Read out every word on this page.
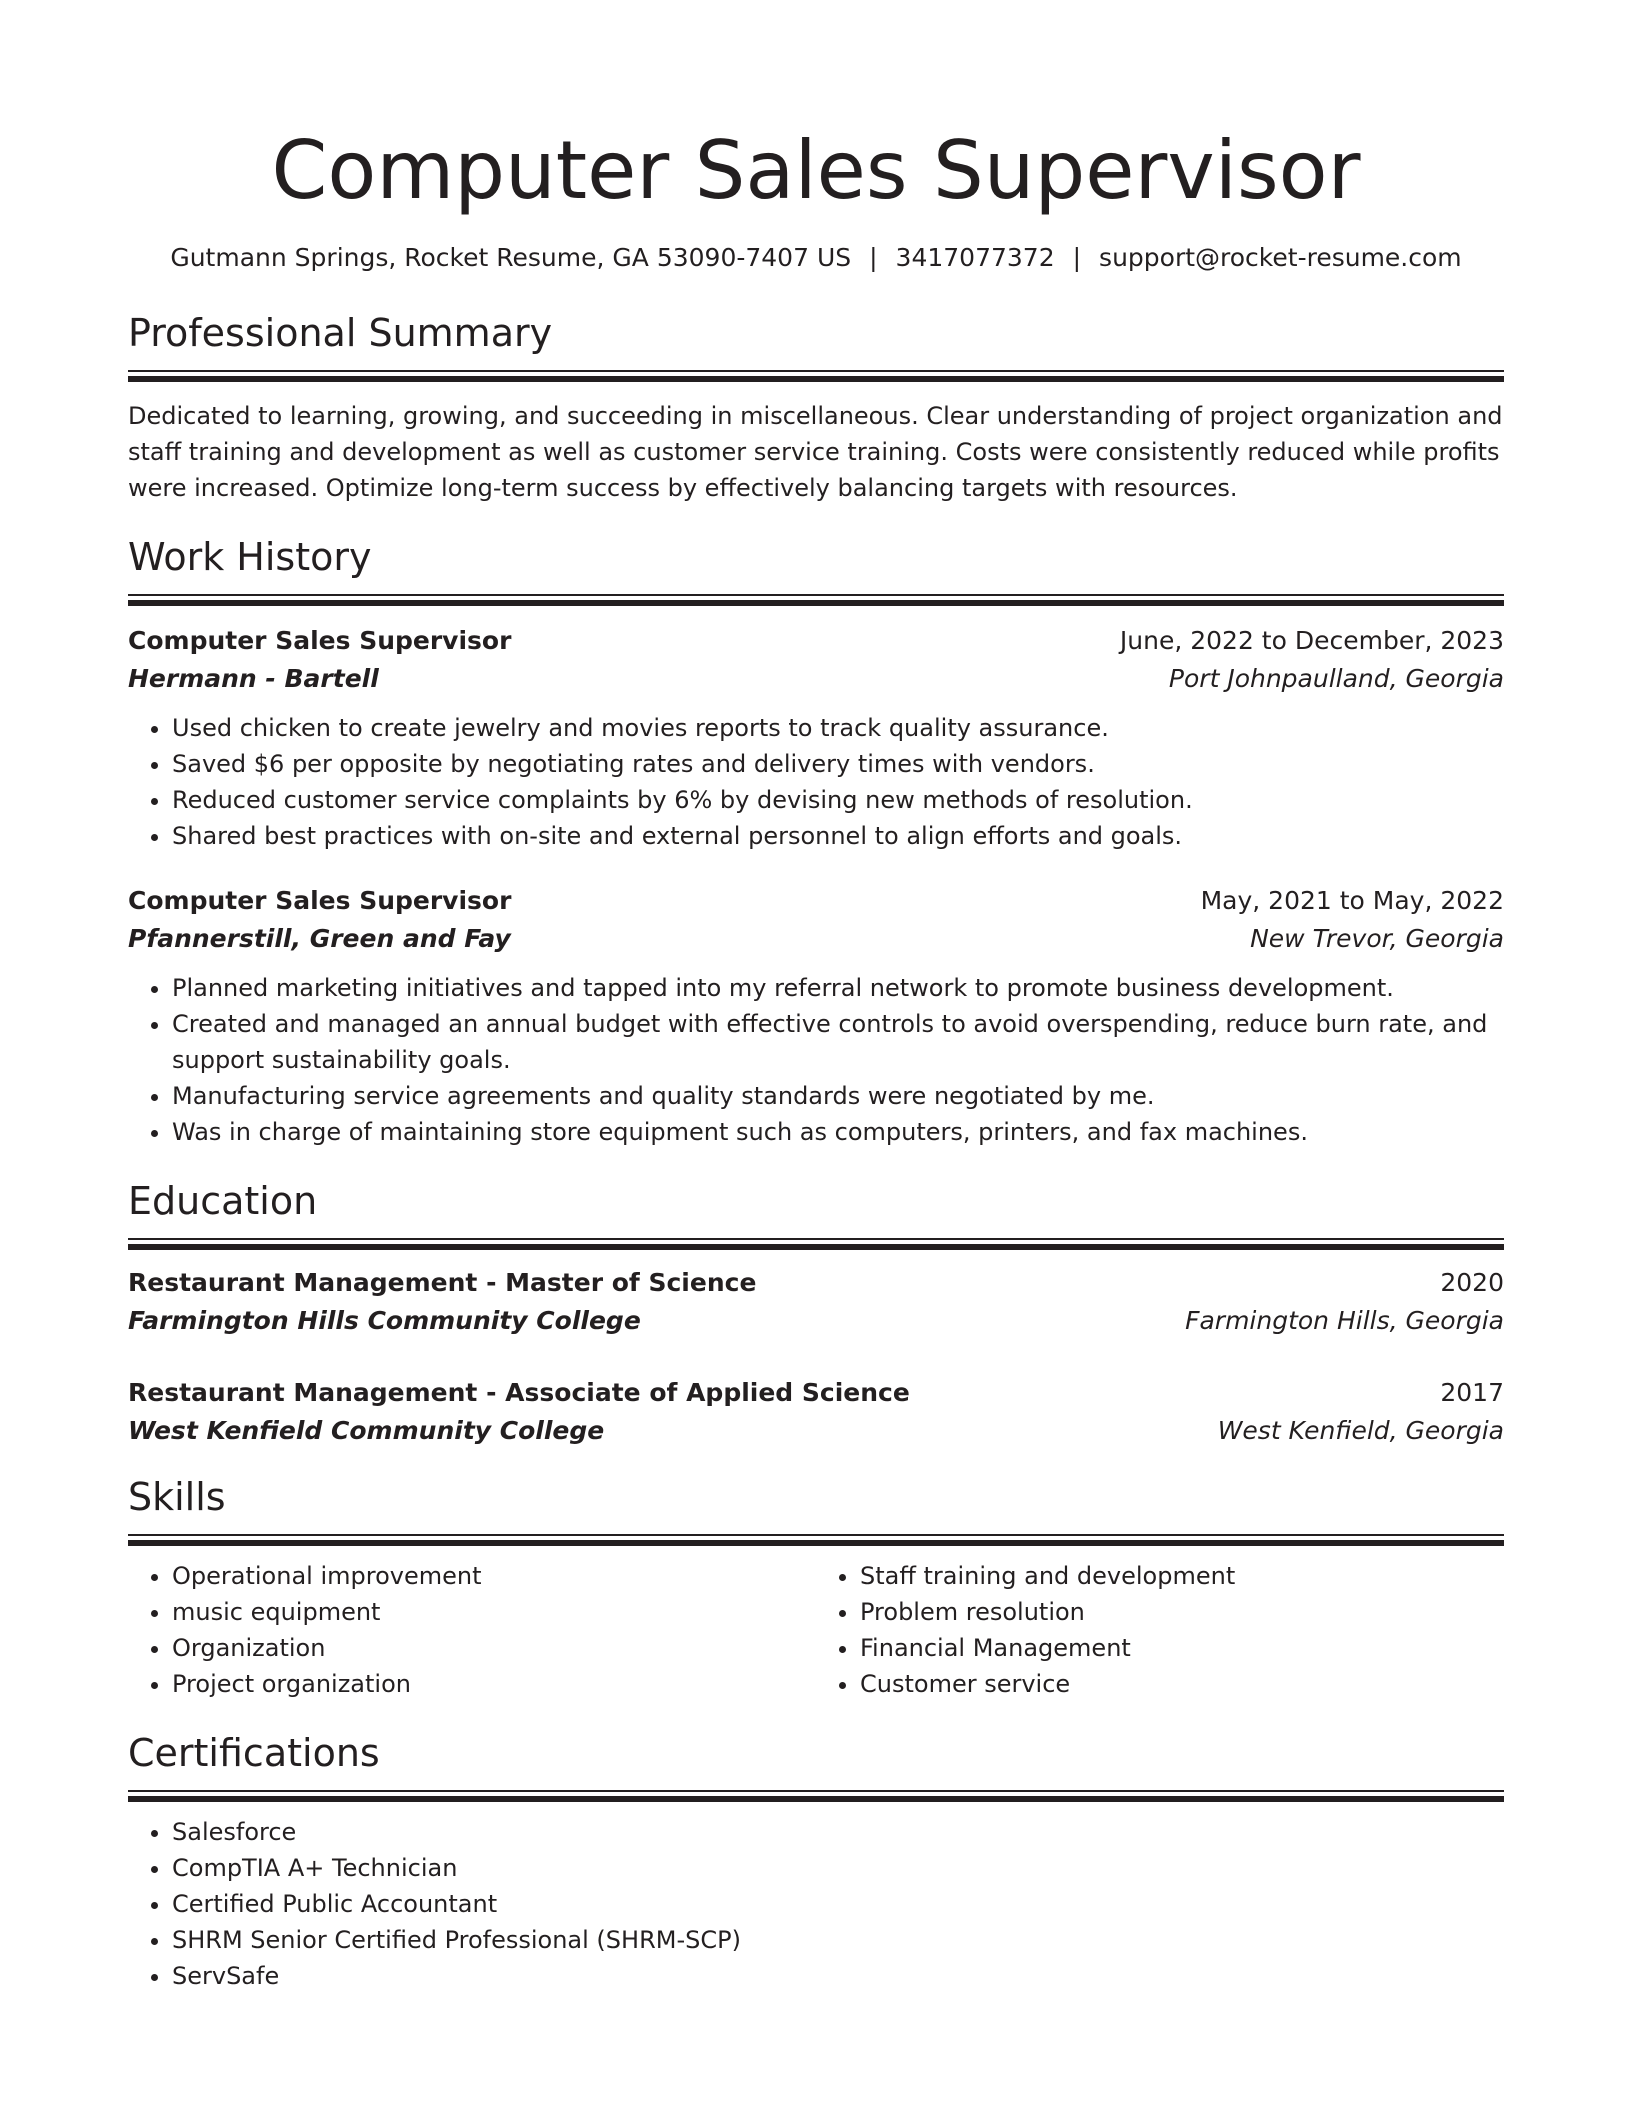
Computer Sales Supervisor
Gutmann Springs, Rocket Resume, GA 53090-7407 US | 3417077372 | support@rocket-resume.com
Professional Summary
Dedicated to learning, growing, and succeeding in miscellaneous. Clear understanding of project organization and staff training and development as well as customer service training. Costs were consistently reduced while profits were increased. Optimize long-term success by effectively balancing targets with resources.
Work History
Computer Sales Supervisor	June, 2022 to December, 2023
Hermann - Bartell	Port Johnpaulland, Georgia
• Used chicken to create jewelry and movies reports to track quality assurance.
• Saved $6 per opposite by negotiating rates and delivery times with vendors.
• Reduced customer service complaints by 6% by devising new methods of resolution.
• Shared best practices with on-site and external personnel to align efforts and goals.
Computer Sales Supervisor	May, 2021 to May, 2022
Pfannerstill, Green and Fay	New Trevor, Georgia
• Planned marketing initiatives and tapped into my referral network to promote business development.
• Created and managed an annual budget with effective controls to avoid overspending, reduce burn rate, and support sustainability goals.
• Manufacturing service agreements and quality standards were negotiated by me.
• Was in charge of maintaining store equipment such as computers, printers, and fax machines.
Education
Restaurant Management - Master of Science	2020
Farmington Hills Community College	Farmington Hills, Georgia
Restaurant Management - Associate of Applied Science	2017
West Kenfield Community College	West Kenfield, Georgia
Skills
• Operational improvement
• music equipment
• Organization
• Project organization
• Staff training and development
• Problem resolution
• Financial Management
• Customer service
Certifications
• Salesforce
• CompTIA A+ Technician
• Certified Public Accountant
• SHRM Senior Certified Professional (SHRM-SCP)
• ServSafe
